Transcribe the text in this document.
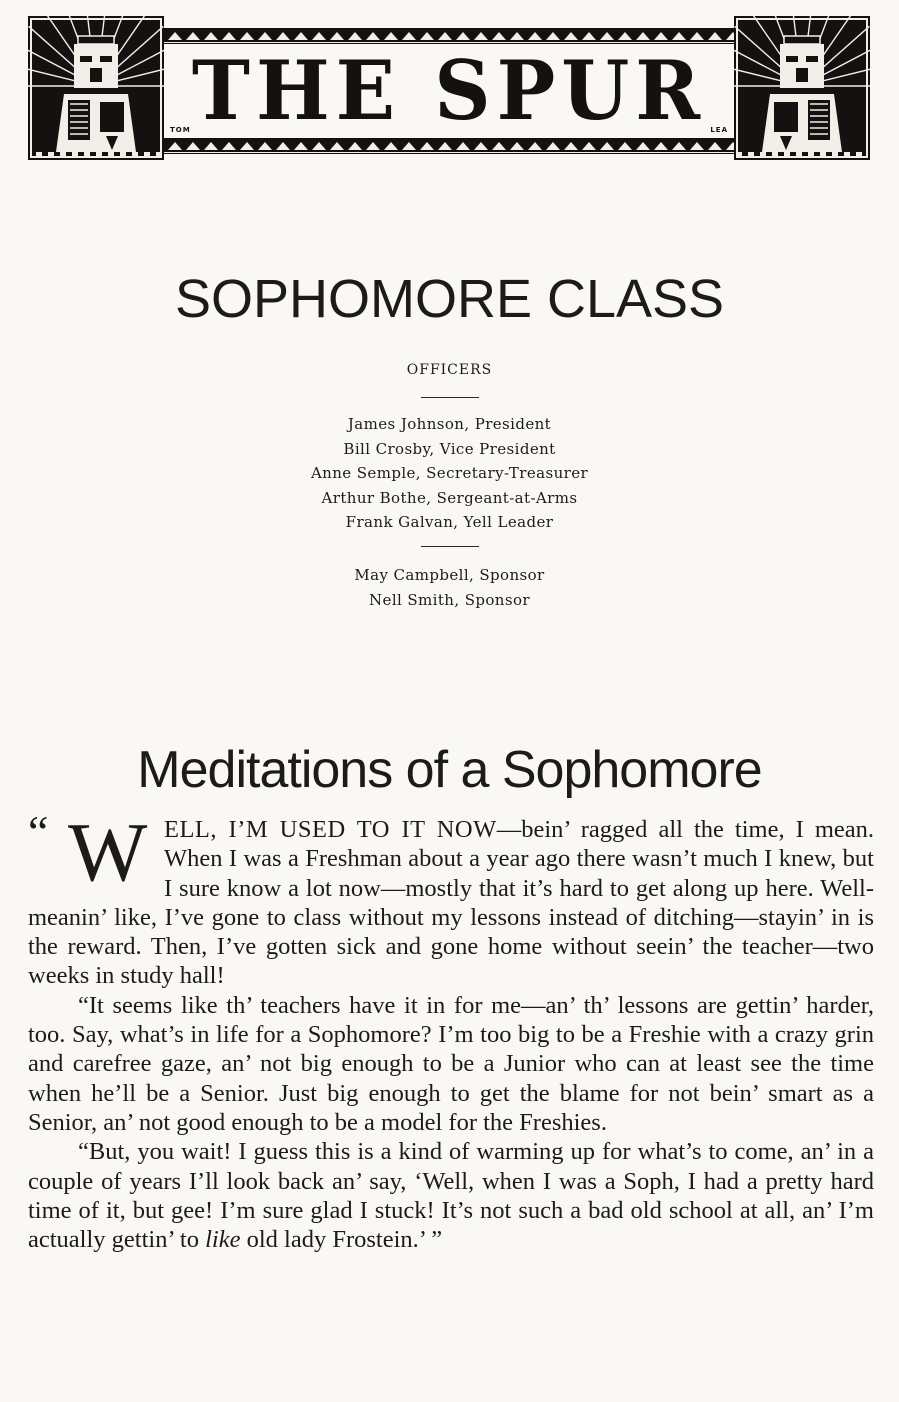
THE SPUR
TOM	LEA
SOPHOMORE CLASS
OFFICERS
James Johnson, President
Bill Crosby, Vice President
Anne Semple, Secretary-Treasurer
Arthur Bothe, Sergeant-at-Arms
Frank Galvan, Yell Leader
May Campbell, Sponsor
Nell Smith, Sponsor
Meditations of a Sophomore

“ W ELL, I’M USED TO IT NOW—bein’ ragged all the time, I mean. When I was a Freshman about a year ago there wasn’t much I knew, but I sure know a lot now—mostly that it’s hard to get along up here. Well-meanin’ like, I’ve gone to class without my lessons instead of ditching—stayin’ in is the reward. Then, I’ve gotten sick and gone home without seein’ the teacher—two weeks in study hall!

“It seems like th’ teachers have it in for me—an’ th’ lessons are gettin’ harder, too. Say, what’s in life for a Sophomore? I’m too big to be a Freshie with a crazy grin and carefree gaze, an’ not big enough to be a Junior who can at least see the time when he’ll be a Senior. Just big enough to get the blame for not bein’ smart as a Senior, an’ not good enough to be a model for the Freshies.

“But, you wait! I guess this is a kind of warming up for what’s to come, an’ in a couple of years I’ll look back an’ say, ‘Well, when I was a Soph, I had a pretty hard time of it, but gee! I’m sure glad I stuck! It’s not such a bad old school at all, an’ I’m actually gettin’ to like old lady Frostein.’ ”
